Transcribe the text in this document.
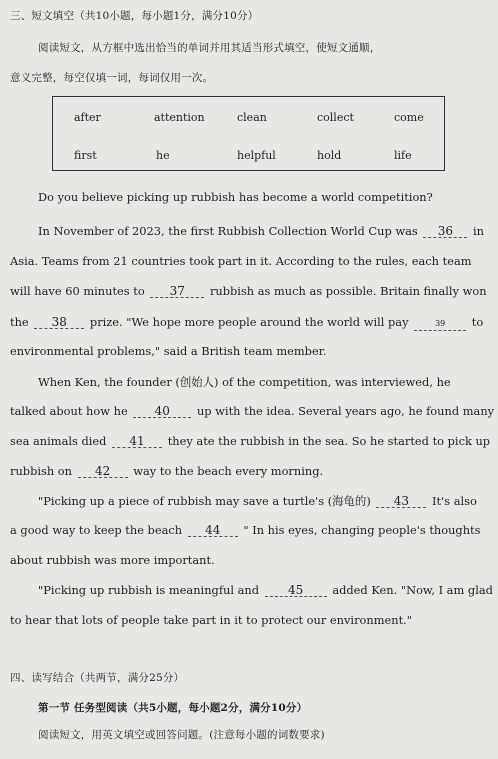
三、短文填空（共10小题，每小题1分，满分10分）
阅读短文，从方框中选出恰当的单词并用其适当形式填空，使短文通顺，
意义完整，每空仅填一词，每词仅用一次。
after	attention	clean	collect	come
first	he	helpful	hold	life
Do you believe picking up rubbish has become a world competition?
In November of 2023, the first Rubbish Collection World Cup was 36 in
Asia. Teams from 21 countries took part in it. According to the rules, each team
will have 60 minutes to 37 rubbish as much as possible. Britain finally won
the 38 prize. "We hope more people around the world will pay	39 to
environmental problems," said a British team member.
When Ken, the founder (创始人) of the competition, was interviewed, he
talked about how he 40 up with the idea. Several years ago, he found many
sea animals died 41 they ate the rubbish in the sea. So he started to pick up
rubbish on 42 way to the beach every morning.
"Picking up a piece of rubbish may save a turtle's (海龟的) 43 It's also
a good way to keep the beach 44 " In his eyes, changing people's thoughts
about rubbish was more important.
"Picking up rubbish is meaningful and 45	added Ken. "Now, I am glad
to hear that lots of people take part in it to protect our environment."
四、读写结合（共两节，满分25分）
第一节 任务型阅读（共5小题，每小题2分，满分10分）
阅读短文，用英文填空或回答问题。(注意每小题的词数要求)
